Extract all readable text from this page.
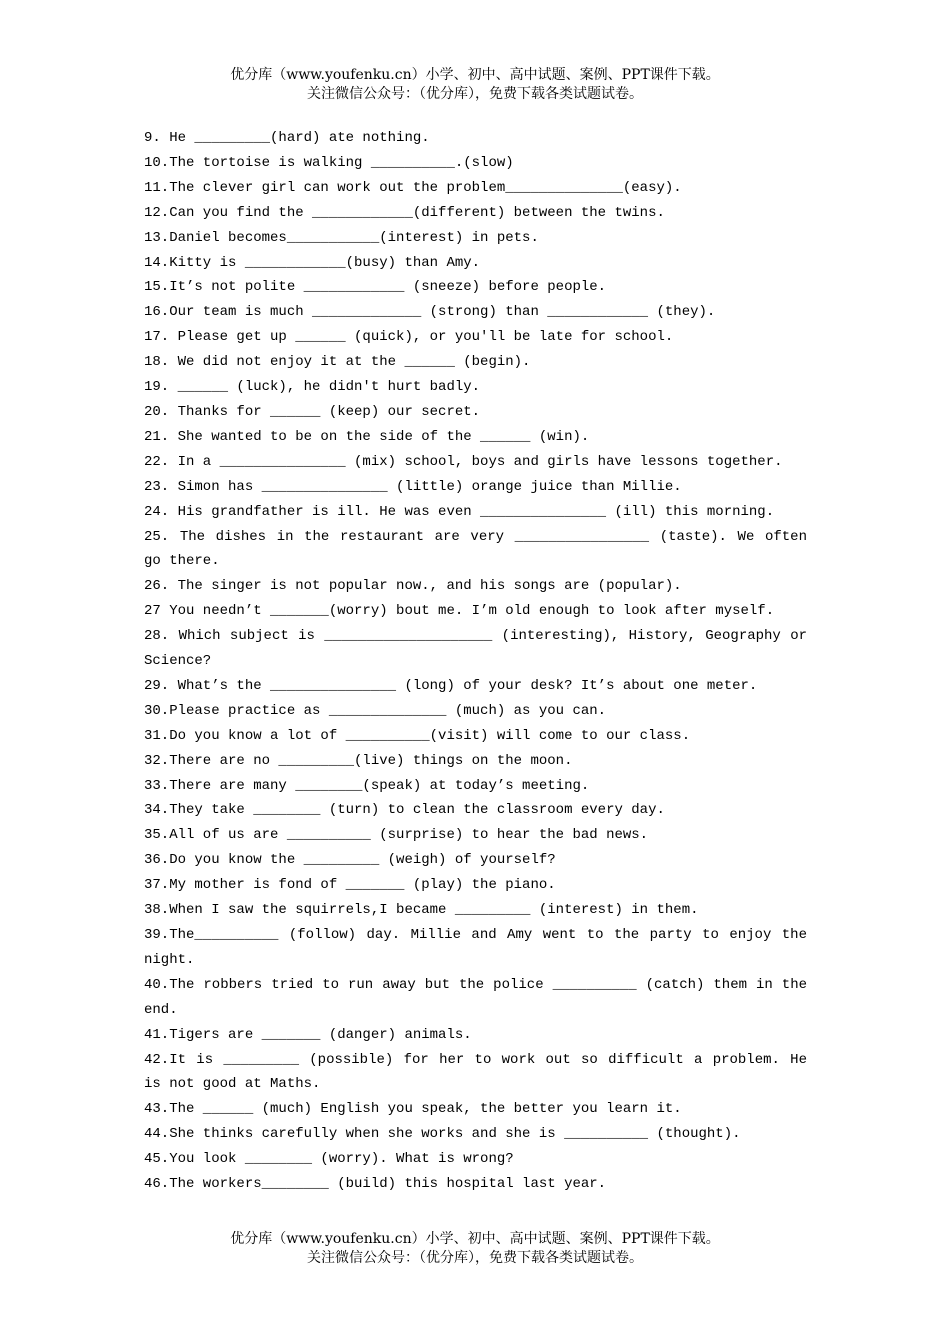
优分库（www.youfenku.cn）小学、初中、高中试题、案例、PPT课件下载。
关注微信公众号：（优分库），免费下载各类试题试卷。
9. He _________(hard) ate nothing.
10.The tortoise is walking __________.(slow)
11.The clever girl can work out the problem______________(easy).
12.Can you find the ____________(different) between the twins.
13.Daniel becomes___________(interest) in pets.
14.Kitty is ____________(busy) than Amy.
15.It’s not polite ____________ (sneeze) before people.
16.Our team is much _____________ (strong) than ____________ (they).
17. Please get up ______ (quick), or you'll be late for school.
18. We did not enjoy it at the ______ (begin).
19. ______ (luck), he didn't hurt badly.
20. Thanks for ______ (keep) our secret.
21. She wanted to be on the side of the ______ (win).
22. In a _______________ (mix) school, boys and girls have lessons together.
23. Simon has _______________ (little) orange juice than Millie.
24. His grandfather is ill. He was even _______________ (ill) this morning.
25. The dishes in the restaurant are very ________________ (taste). We often go there.
26. The singer is not popular now., and his songs are (popular).
27 You needn’t _______(worry) bout me. I’m old enough to look after myself.
28. Which subject is ____________________ (interesting), History, Geography or Science?
29. What’s the _______________ (long) of your desk? It’s about one meter.
30.Please practice as ______________ (much) as you can.
31.Do you know a lot of __________(visit) will come to our class.
32.There are no _________(live) things on the moon.
33.There are many ________(speak) at today’s meeting.
34.They take ________ (turn) to clean the classroom every day.
35.All of us are __________ (surprise) to hear the bad news.
36.Do you know the _________ (weigh) of yourself?
37.My mother is fond of _______ (play) the piano.
38.When I saw the squirrels,I became _________ (interest) in them.
39.The__________ (follow) day. Millie and Amy went to the party to enjoy the night.
40.The robbers tried to run away but the police __________ (catch) them in the end.
41.Tigers are _______ (danger) animals.
42.It is _________ (possible) for her to work out so difficult a problem. He is not good at Maths.
43.The ______ (much) English you speak, the better you learn it.
44.She thinks carefully when she works and she is __________ (thought).
45.You look ________ (worry). What is wrong?
46.The workers________ (build) this hospital last year.
优分库（www.youfenku.cn）小学、初中、高中试题、案例、PPT课件下载。
关注微信公众号：（优分库），免费下载各类试题试卷。
